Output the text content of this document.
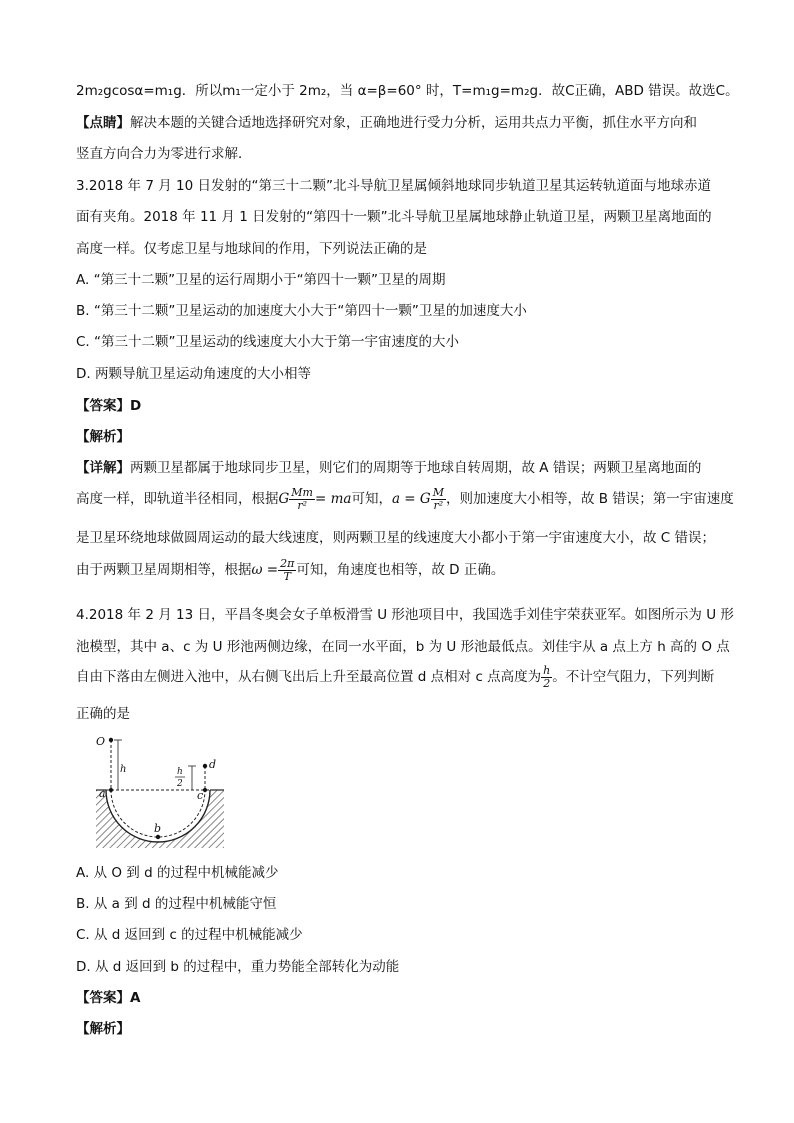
2m₂gcosα=m₁g．所以m₁一定小于 2m₂，当 α=β=60° 时，T=m₁g=m₂g．故C正确，ABD 错误。故选C。
【点睛】解决本题的关键合适地选择研究对象，正确地进行受力分析，运用共点力平衡，抓住水平方向和
竖直方向合力为零进行求解．
3.2018 年 7 月 10 日发射的“第三十二颗”北斗导航卫星属倾斜地球同步轨道卫星其运转轨道面与地球赤道
面有夹角。2018 年 11 月 1 日发射的“第四十一颗”北斗导航卫星属地球静止轨道卫星，两颗卫星离地面的
高度一样。仅考虑卫星与地球间的作用，下列说法正确的是
A. “第三十二颗”卫星的运行周期小于“第四十一颗”卫星的周期
B. “第三十二颗”卫星运动的加速度大小大于“第四十一颗”卫星的加速度大小
C. “第三十二颗”卫星运动的线速度大小大于第一宇宙速度的大小
D. 两颗导航卫星运动角速度的大小相等
【答案】D
【解析】
【详解】两颗卫星都属于地球同步卫星，则它们的周期等于地球自转周期，故 A 错误；两颗卫星离地面的
高度一样，即轨道半径相同，根据G $\frac{Mm}{\text{r²}}$ = ma可知，a = G $\frac{M}{\text{r²}}$ ，则加速度大小相等，故 B 错误；第一宇宙速度
是卫星环绕地球做圆周运动的最大线速度，则两颗卫星的线速度大小都小于第一宇宙速度大小，故 C 错误；
由于两颗卫星周期相等，根据$\omega = \frac{2\pi}{T}$ 可知，角速度也相等，故 D 正确。
4.2018 年 2 月 13 日，平昌冬奥会女子单板滑雪 U 形池项目中，我国选手刘佳宇荣获亚军。如图所示为 U 形
池模型，其中 a、c 为 U 形池两侧边缘，在同一水平面，b 为 U 形池最低点。刘佳宇从 a 点上方 h 高的 O 点
自由下落由左侧进入池中，从右侧飞出后上升至最高位置 d 点相对 c 点高度为 $\frac{h}{2}$ 。不计空气阻力，下列判断
正确的是
O
h	h
2
d
a	c
b
A. 从 O 到 d 的过程中机械能减少
B. 从 a 到 d 的过程中机械能守恒
C. 从 d 返回到 c 的过程中机械能减少
D. 从 d 返回到 b 的过程中，重力势能全部转化为动能
【答案】A
【解析】
